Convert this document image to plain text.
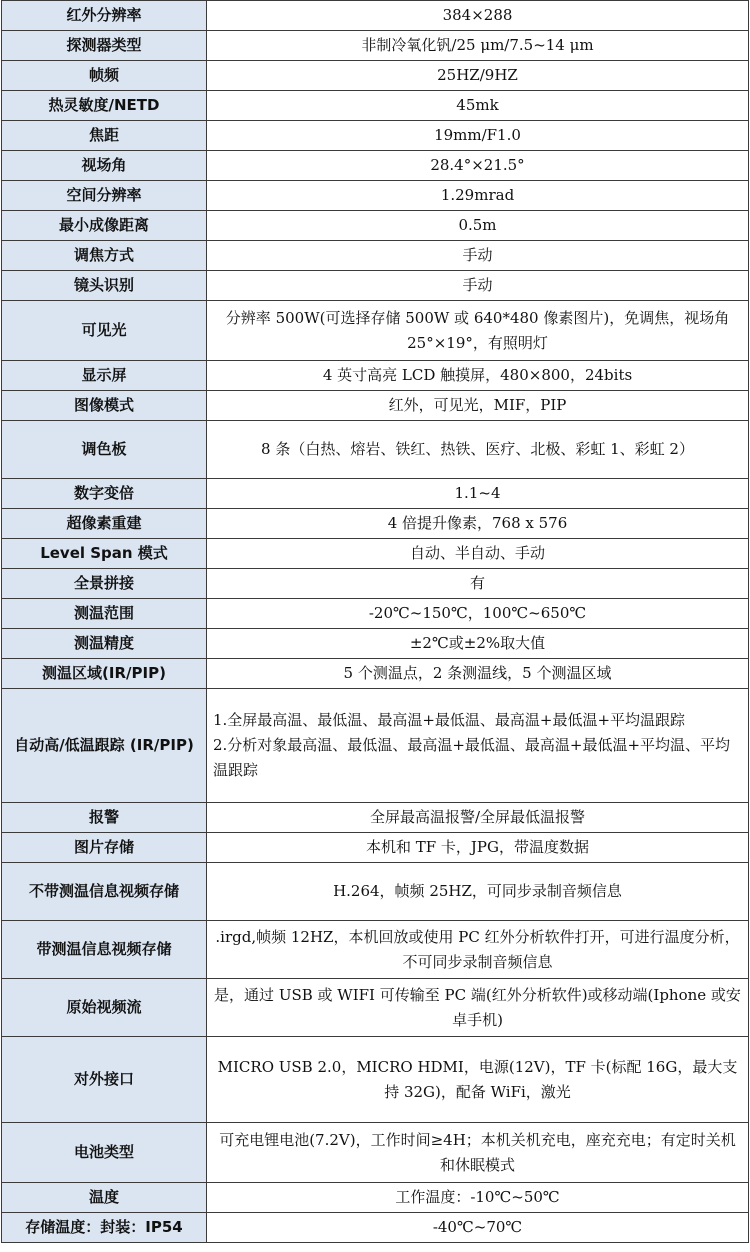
红外分辨率	384×288
探测器类型	非制冷氧化钒/25 μm/7.5~14 μm
帧频	25HZ/9HZ
热灵敏度/NETD	45mk
焦距	19mm/F1.0
视场角	28.4°×21.5°
空间分辨率	1.29mrad
最小成像距离	0.5m
调焦方式	手动
镜头识别	手动
可见光	分辨率 500W(可选择存储 500W 或 640*480 像素图片)，免调焦，视场角 25°×19°，有照明灯
显示屏	4 英寸高亮 LCD 触摸屏，480×800，24bits
图像模式	红外，可见光，MIF，PIP
调色板	8 条（白热、熔岩、铁红、热铁、医疗、北极、彩虹 1、彩虹 2）
数字变倍	1.1~4
超像素重建	4 倍提升像素，768 x 576
Level Span 模式	自动、半自动、手动
全景拼接	有
测温范围	-20℃~150℃，100℃~650℃
测温精度	±2℃或±2%取大值
测温区域(IR/PIP)	5 个测温点，2 条测温线，5 个测温区域
自动高/低温跟踪 (IR/PIP)	1.全屏最高温、最低温、最高温+最低温、最高温+最低温+平均温跟踪
2.分析对象最高温、最低温、最高温+最低温、最高温+最低温+平均温、平均温跟踪

报警	全屏最高温报警/全屏最低温报警
图片存储	本机和 TF 卡，JPG，带温度数据
不带测温信息视频存储	H.264，帧频 25HZ，可同步录制音频信息
带测温信息视频存储	.irgd,帧频 12HZ，本机回放或使用 PC 红外分析软件打开，可进行温度分析，不可同步录制音频信息
原始视频流	是，通过 USB 或 WIFI 可传输至 PC 端(红外分析软件)或移动端(Iphone 或安卓手机)
对外接口	MICRO USB 2.0，MICRO HDMI，电源(12V)，TF 卡(标配 16G，最大支持 32G)，配备 WiFi，激光
电池类型	可充电锂电池(7.2V)，工作时间≥4H；本机关机充电，座充充电；有定时关机和休眠模式
温度	工作温度：-10℃~50℃
存储温度：封装：IP54	-40℃~70℃
